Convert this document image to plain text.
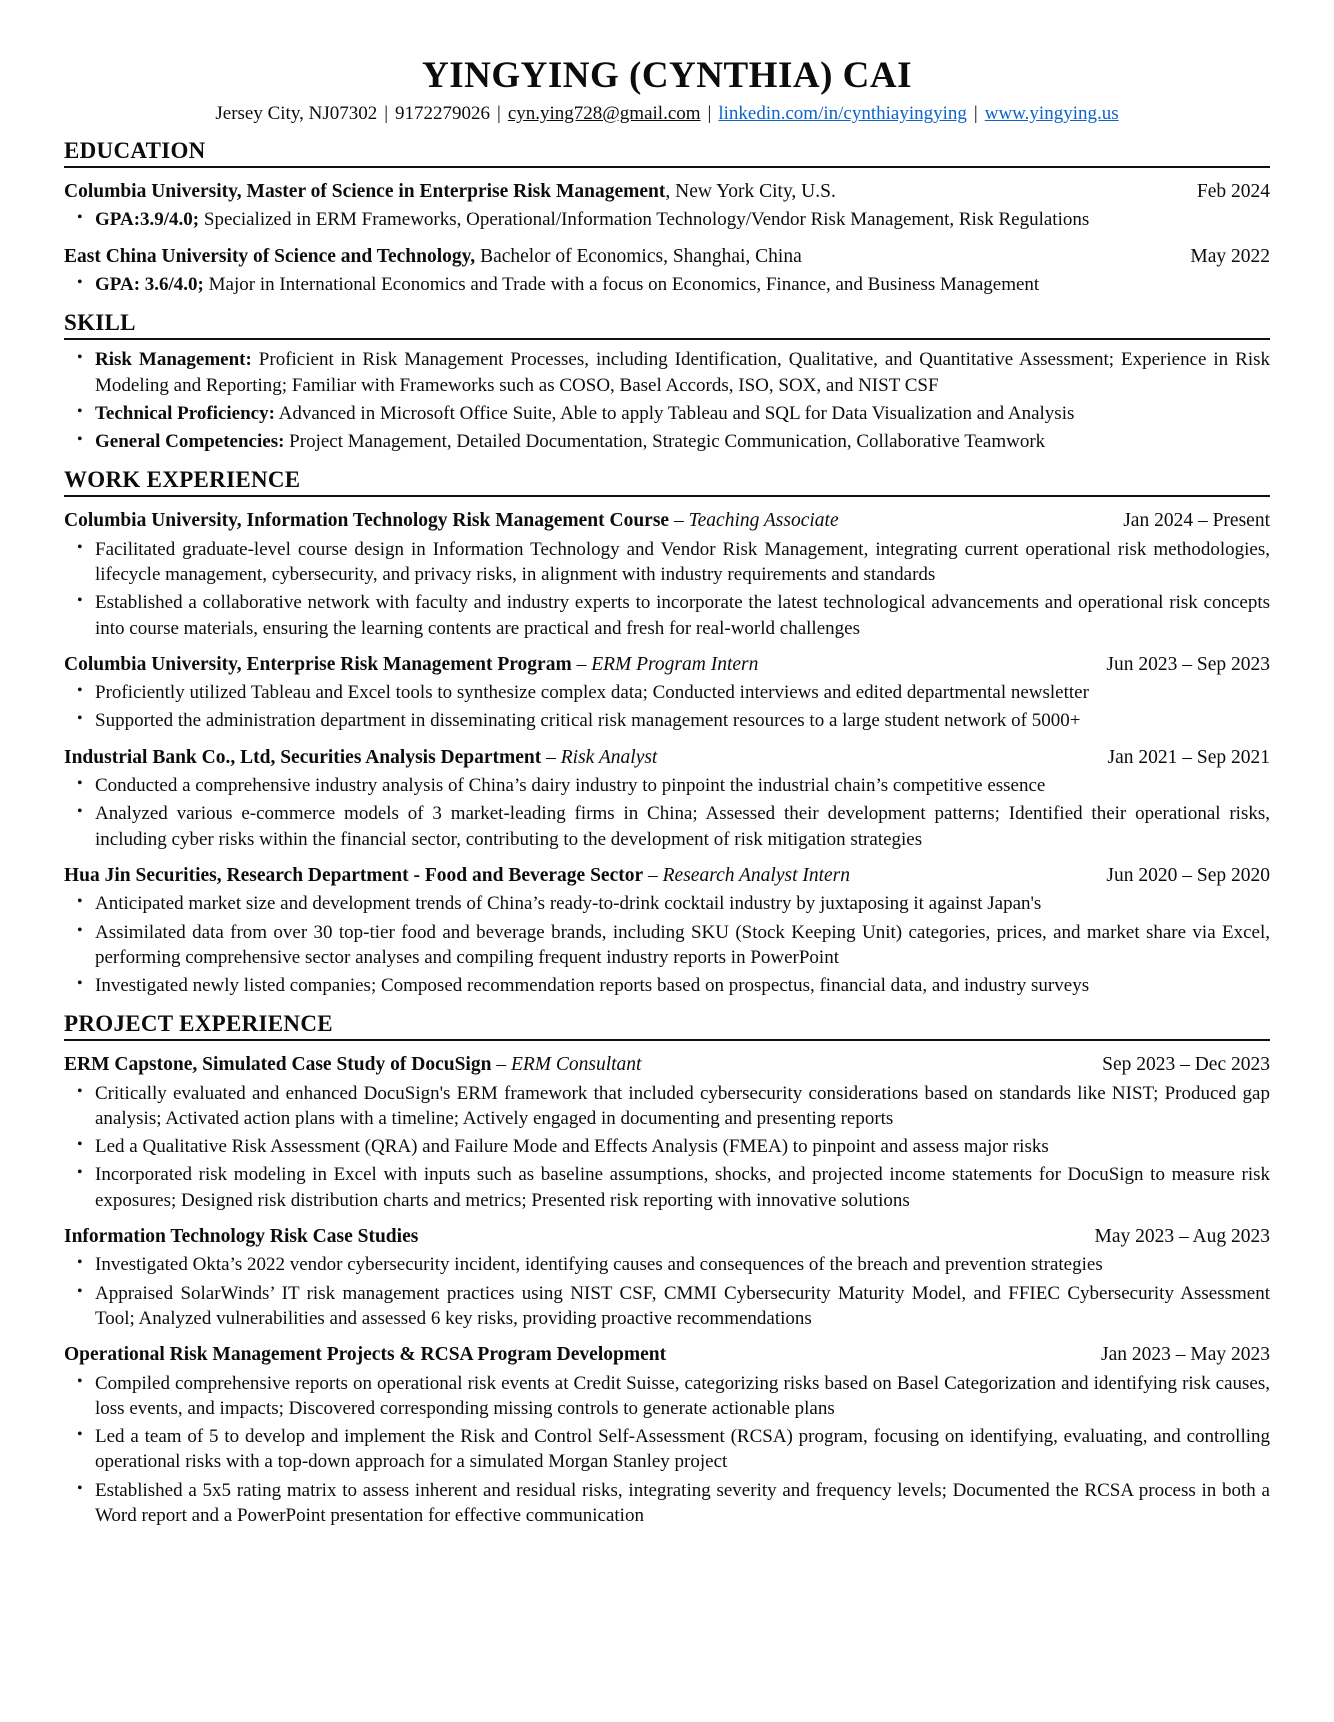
YINGYING (CYNTHIA) CAI
Jersey City, NJ07302 | 9172279026 | cyn.ying728@gmail.com | linkedin.com/in/cynthiayingying | www.yingying.us
EDUCATION
Columbia University, Master of Science in Enterprise Risk Management, New York City, U.S.	Feb 2024
• GPA:3.9/4.0; Specialized in ERM Frameworks, Operational/Information Technology/Vendor Risk Management, Risk Regulations
East China University of Science and Technology, Bachelor of Economics, Shanghai, China	May 2022
• GPA: 3.6/4.0; Major in International Economics and Trade with a focus on Economics, Finance, and Business Management
SKILL
• Risk Management: Proficient in Risk Management Processes, including Identification, Qualitative, and Quantitative Assessment; Experience in Risk Modeling and Reporting; Familiar with Frameworks such as COSO, Basel Accords, ISO, SOX, and NIST CSF
• Technical Proficiency: Advanced in Microsoft Office Suite, Able to apply Tableau and SQL for Data Visualization and Analysis
• General Competencies: Project Management, Detailed Documentation, Strategic Communication, Collaborative Teamwork
WORK EXPERIENCE
Columbia University, Information Technology Risk Management Course – Teaching Associate	Jan 2024 – Present
• Facilitated graduate-level course design in Information Technology and Vendor Risk Management, integrating current operational risk methodologies, lifecycle management, cybersecurity, and privacy risks, in alignment with industry requirements and standards
• Established a collaborative network with faculty and industry experts to incorporate the latest technological advancements and operational risk concepts into course materials, ensuring the learning contents are practical and fresh for real-world challenges
Columbia University, Enterprise Risk Management Program – ERM Program Intern	Jun 2023 – Sep 2023
• Proficiently utilized Tableau and Excel tools to synthesize complex data; Conducted interviews and edited departmental newsletter
• Supported the administration department in disseminating critical risk management resources to a large student network of 5000+
Industrial Bank Co., Ltd, Securities Analysis Department – Risk Analyst	Jan 2021 – Sep 2021
• Conducted a comprehensive industry analysis of China’s dairy industry to pinpoint the industrial chain’s competitive essence
• Analyzed various e-commerce models of 3 market-leading firms in China; Assessed their development patterns; Identified their operational risks, including cyber risks within the financial sector, contributing to the development of risk mitigation strategies
Hua Jin Securities, Research Department - Food and Beverage Sector – Research Analyst Intern	Jun 2020 – Sep 2020
• Anticipated market size and development trends of China’s ready-to-drink cocktail industry by juxtaposing it against Japan's
• Assimilated data from over 30 top-tier food and beverage brands, including SKU (Stock Keeping Unit) categories, prices, and market share via Excel, performing comprehensive sector analyses and compiling frequent industry reports in PowerPoint
• Investigated newly listed companies; Composed recommendation reports based on prospectus, financial data, and industry surveys
PROJECT EXPERIENCE
ERM Capstone, Simulated Case Study of DocuSign – ERM Consultant	Sep 2023 – Dec 2023
• Critically evaluated and enhanced DocuSign's ERM framework that included cybersecurity considerations based on standards like NIST; Produced gap analysis; Activated action plans with a timeline; Actively engaged in documenting and presenting reports
• Led a Qualitative Risk Assessment (QRA) and Failure Mode and Effects Analysis (FMEA) to pinpoint and assess major risks
• Incorporated risk modeling in Excel with inputs such as baseline assumptions, shocks, and projected income statements for DocuSign to measure risk exposures; Designed risk distribution charts and metrics; Presented risk reporting with innovative solutions
Information Technology Risk Case Studies	May 2023 – Aug 2023
• Investigated Okta’s 2022 vendor cybersecurity incident, identifying causes and consequences of the breach and prevention strategies
• Appraised SolarWinds’ IT risk management practices using NIST CSF, CMMI Cybersecurity Maturity Model, and FFIEC Cybersecurity Assessment Tool; Analyzed vulnerabilities and assessed 6 key risks, providing proactive recommendations
Operational Risk Management Projects & RCSA Program Development	Jan 2023 – May 2023
• Compiled comprehensive reports on operational risk events at Credit Suisse, categorizing risks based on Basel Categorization and identifying risk causes, loss events, and impacts; Discovered corresponding missing controls to generate actionable plans
• Led a team of 5 to develop and implement the Risk and Control Self-Assessment (RCSA) program, focusing on identifying, evaluating, and controlling operational risks with a top-down approach for a simulated Morgan Stanley project
• Established a 5x5 rating matrix to assess inherent and residual risks, integrating severity and frequency levels; Documented the RCSA process in both a Word report and a PowerPoint presentation for effective communication
